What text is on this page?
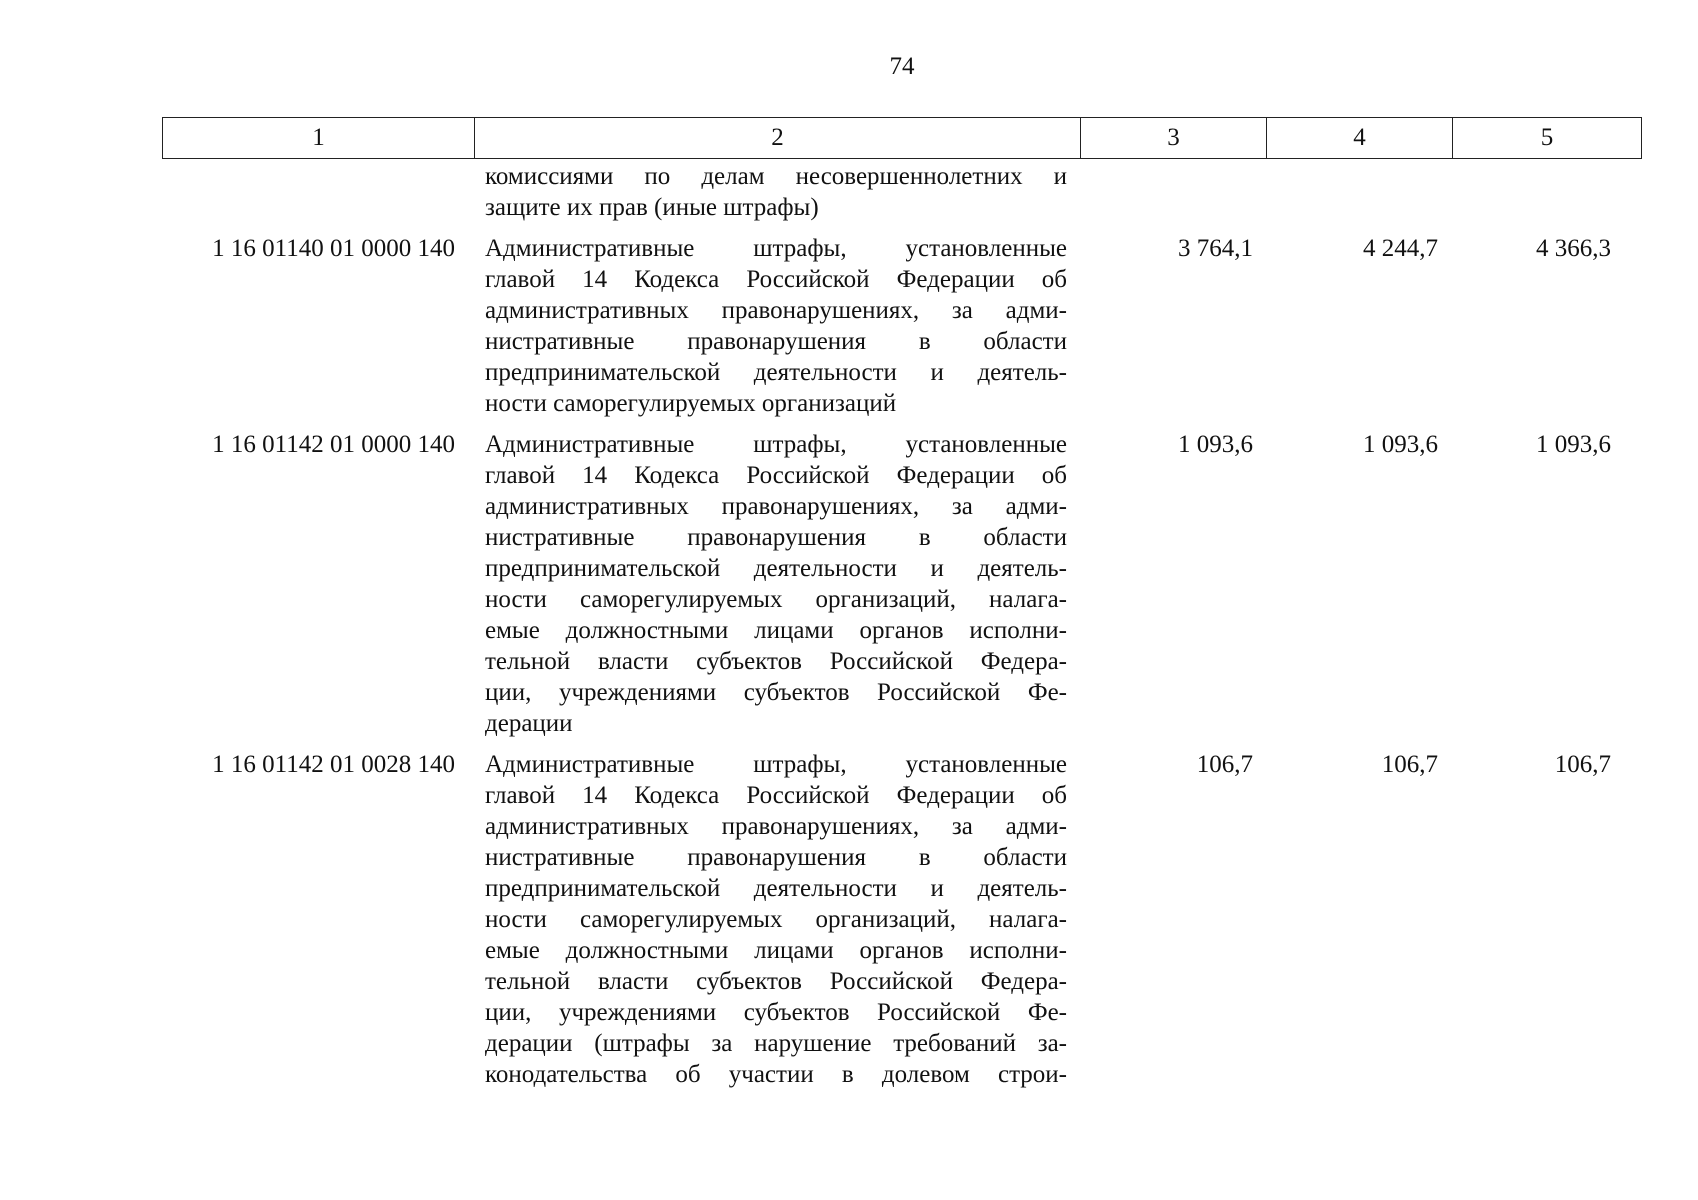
74
1	2	3	4	5
комиссиями по делам несовершеннолетних и
защите их прав (иные штрафы)
1 16 01140 01 0000 140	Административные штрафы, установленные
главой 14 Кодекса Российской Федерации об
административных правонарушениях, за адми-
нистративные правонарушения в области
предпринимательской деятельности и деятель-
ности саморегулируемых организаций
3 764,1	4 244,7	4 366,3
1 16 01142 01 0000 140	Административные штрафы, установленные
главой 14 Кодекса Российской Федерации об
административных правонарушениях, за адми-
нистративные правонарушения в области
предпринимательской деятельности и деятель-
ности саморегулируемых организаций, налага-
емые должностными лицами органов исполни-
тельной власти субъектов Российской Федера-
ции, учреждениями субъектов Российской Фе-
дерации
1 093,6	1 093,6	1 093,6
1 16 01142 01 0028 140	Административные штрафы, установленные
главой 14 Кодекса Российской Федерации об
административных правонарушениях, за адми-
нистративные правонарушения в области
предпринимательской деятельности и деятель-
ности саморегулируемых организаций, налага-
емые должностными лицами органов исполни-
тельной власти субъектов Российской Федера-
ции, учреждениями субъектов Российской Фе-
дерации (штрафы за нарушение требований за-
конодательства об участии в долевом строи-
106,7	106,7	106,7
